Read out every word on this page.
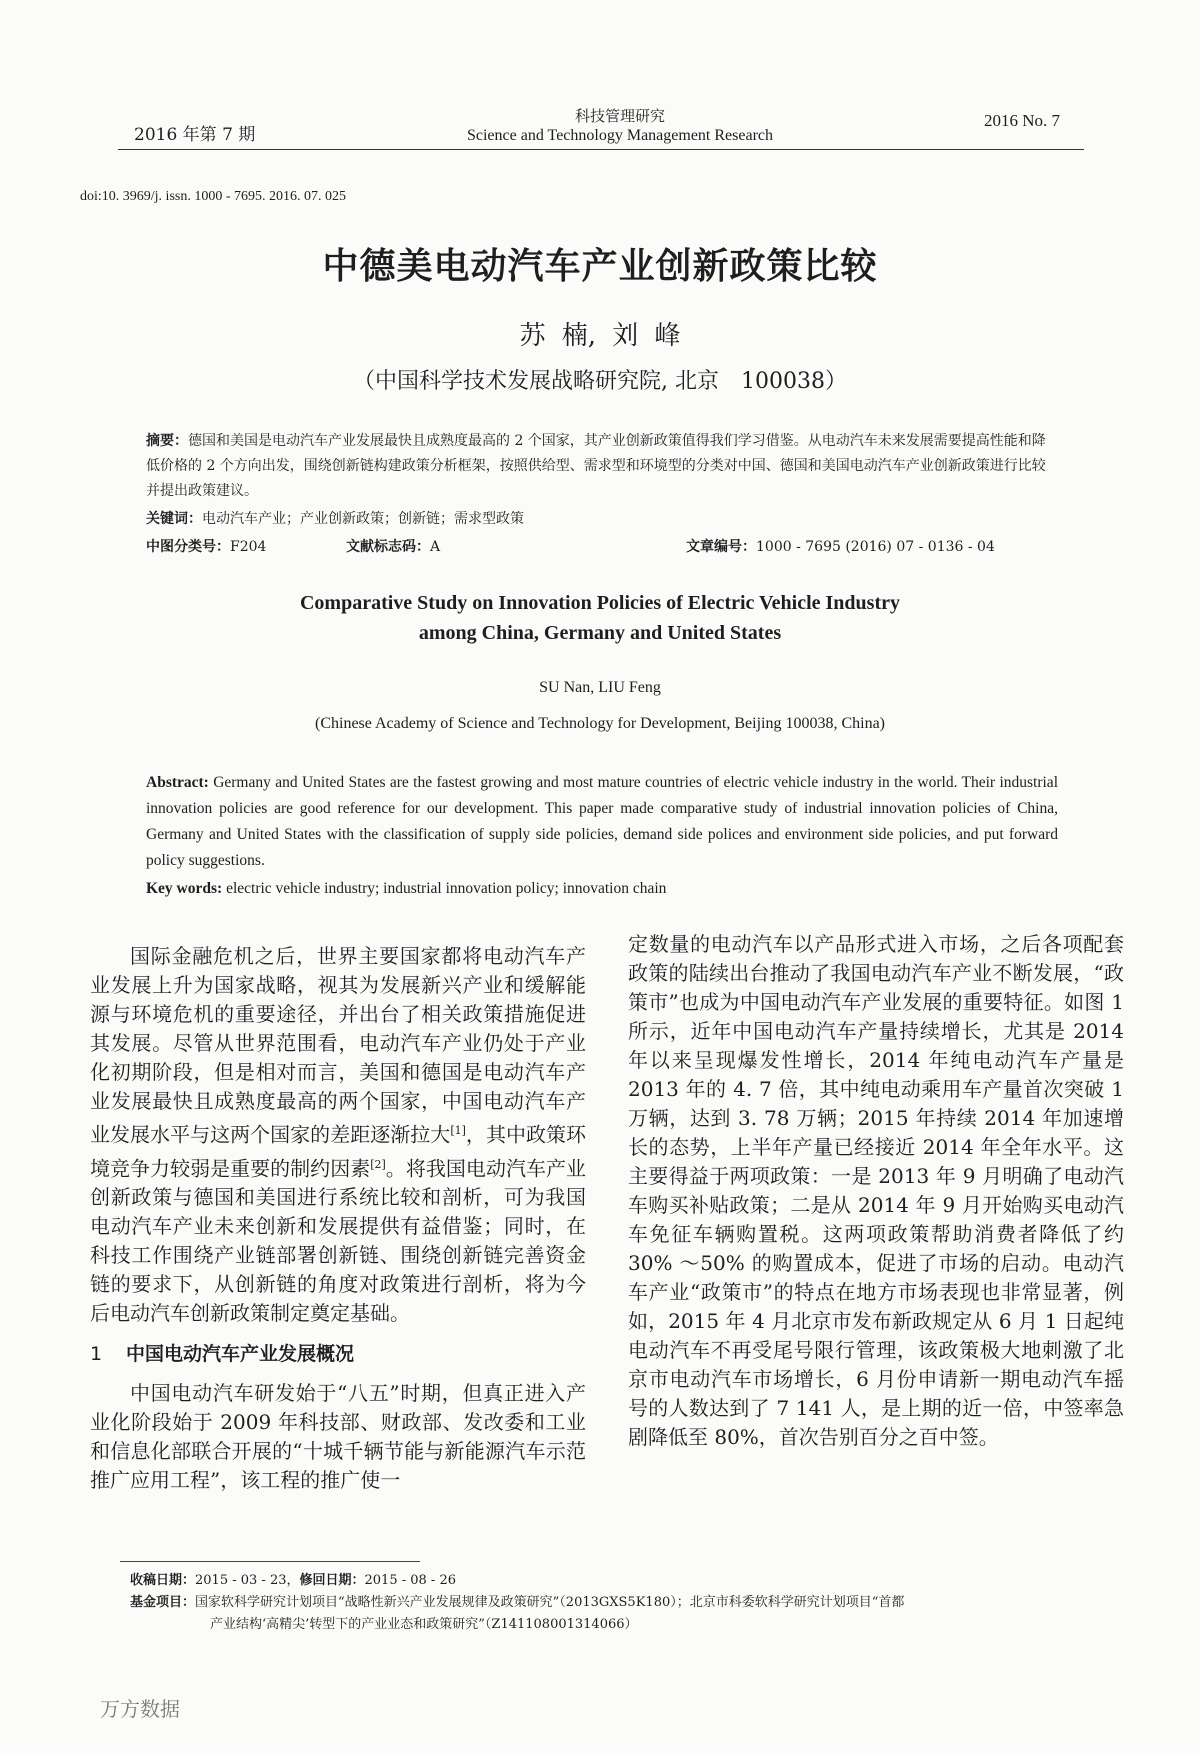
2016 年第 7 期
科技管理研究
Science and Technology Management Research
2016 No. 7
doi:10. 3969/j. issn. 1000 - 7695. 2016. 07. 025
中德美电动汽车产业创新政策比较
苏 楠, 刘 峰
（中国科学技术发展战略研究院, 北京　100038）
摘要：德国和美国是电动汽车产业发展最快且成熟度最高的 2 个国家，其产业创新政策值得我们学习借鉴。从电动汽车未来发展需要提高性能和降低价格的 2 个方向出发，围绕创新链构建政策分析框架，按照供给型、需求型和环境型的分类对中国、德国和美国电动汽车产业创新政策进行比较并提出政策建议。
关键词：电动汽车产业；产业创新政策；创新链；需求型政策
中图分类号：F204	文献标志码：A	文章编号：1000 - 7695 (2016) 07 - 0136 - 04
Comparative Study on Innovation Policies of Electric Vehicle Industry
among China, Germany and United States
SU Nan, LIU Feng
(Chinese Academy of Science and Technology for Development, Beijing 100038, China)
Abstract: Germany and United States are the fastest growing and most mature countries of electric vehicle industry in the world. Their industrial innovation policies are good reference for our development. This paper made comparative study of industrial innovation policies of China, Germany and United States with the classification of supply side policies, demand side polices and environment side policies, and put forward policy suggestions.
Key words: electric vehicle industry; industrial innovation policy; innovation chain

国际金融危机之后，世界主要国家都将电动汽车产业发展上升为国家战略，视其为发展新兴产业和缓解能源与环境危机的重要途径，并出台了相关政策措施促进其发展。尽管从世界范围看，电动汽车产业仍处于产业化初期阶段，但是相对而言，美国和德国是电动汽车产业发展最快且成熟度最高的两个国家，中国电动汽车产业发展水平与这两个国家的差距逐渐拉大[1]，其中政策环境竞争力较弱是重要的制约因素[2]。将我国电动汽车产业创新政策与德国和美国进行系统比较和剖析，可为我国电动汽车产业未来创新和发展提供有益借鉴；同时，在科技工作围绕产业链部署创新链、围绕创新链完善资金链的要求下，从创新链的角度对政策进行剖析，将为今后电动汽车创新政策制定奠定基础。

1 中国电动汽车产业发展概况

中国电动汽车研发始于“八五”时期，但真正进入产业化阶段始于 2009 年科技部、财政部、发改委和工业和信息化部联合开展的“十城千辆节能与新能源汽车示范推广应用工程”，该工程的推广使一

定数量的电动汽车以产品形式进入市场，之后各项配套政策的陆续出台推动了我国电动汽车产业不断发展，“政策市”也成为中国电动汽车产业发展的重要特征。如图 1 所示，近年中国电动汽车产量持续增长，尤其是 2014 年以来呈现爆发性增长，2014 年纯电动汽车产量是 2013 年的 4. 7 倍，其中纯电动乘用车产量首次突破 1 万辆，达到 3. 78 万辆；2015 年持续 2014 年加速增长的态势，上半年产量已经接近 2014 年全年水平。这主要得益于两项政策：一是 2013 年 9 月明确了电动汽车购买补贴政策；二是从 2014 年 9 月开始购买电动汽车免征车辆购置税。这两项政策帮助消费者降低了约 30% ～50% 的购置成本，促进了市场的启动。电动汽车产业“政策市”的特点在地方市场表现也非常显著，例如，2015 年 4 月北京市发布新政规定从 6 月 1 日起纯电动汽车不再受尾号限行管理，该政策极大地刺激了北京市电动汽车市场增长，6 月份申请新一期电动汽车摇号的人数达到了 7 141 人，是上期的近一倍，中签率急剧降低至 80%，首次告别百分之百中签。

收稿日期：2015 - 03 - 23，修回日期：2015 - 08 - 26
基金项目：国家软科学研究计划项目“战略性新兴产业发展规律及政策研究”（2013GXS5K180）；北京市科委软科学研究计划项目“首都
产业结构‘高精尖’转型下的产业业态和政策研究”（Z141108001314066）
万方数据
